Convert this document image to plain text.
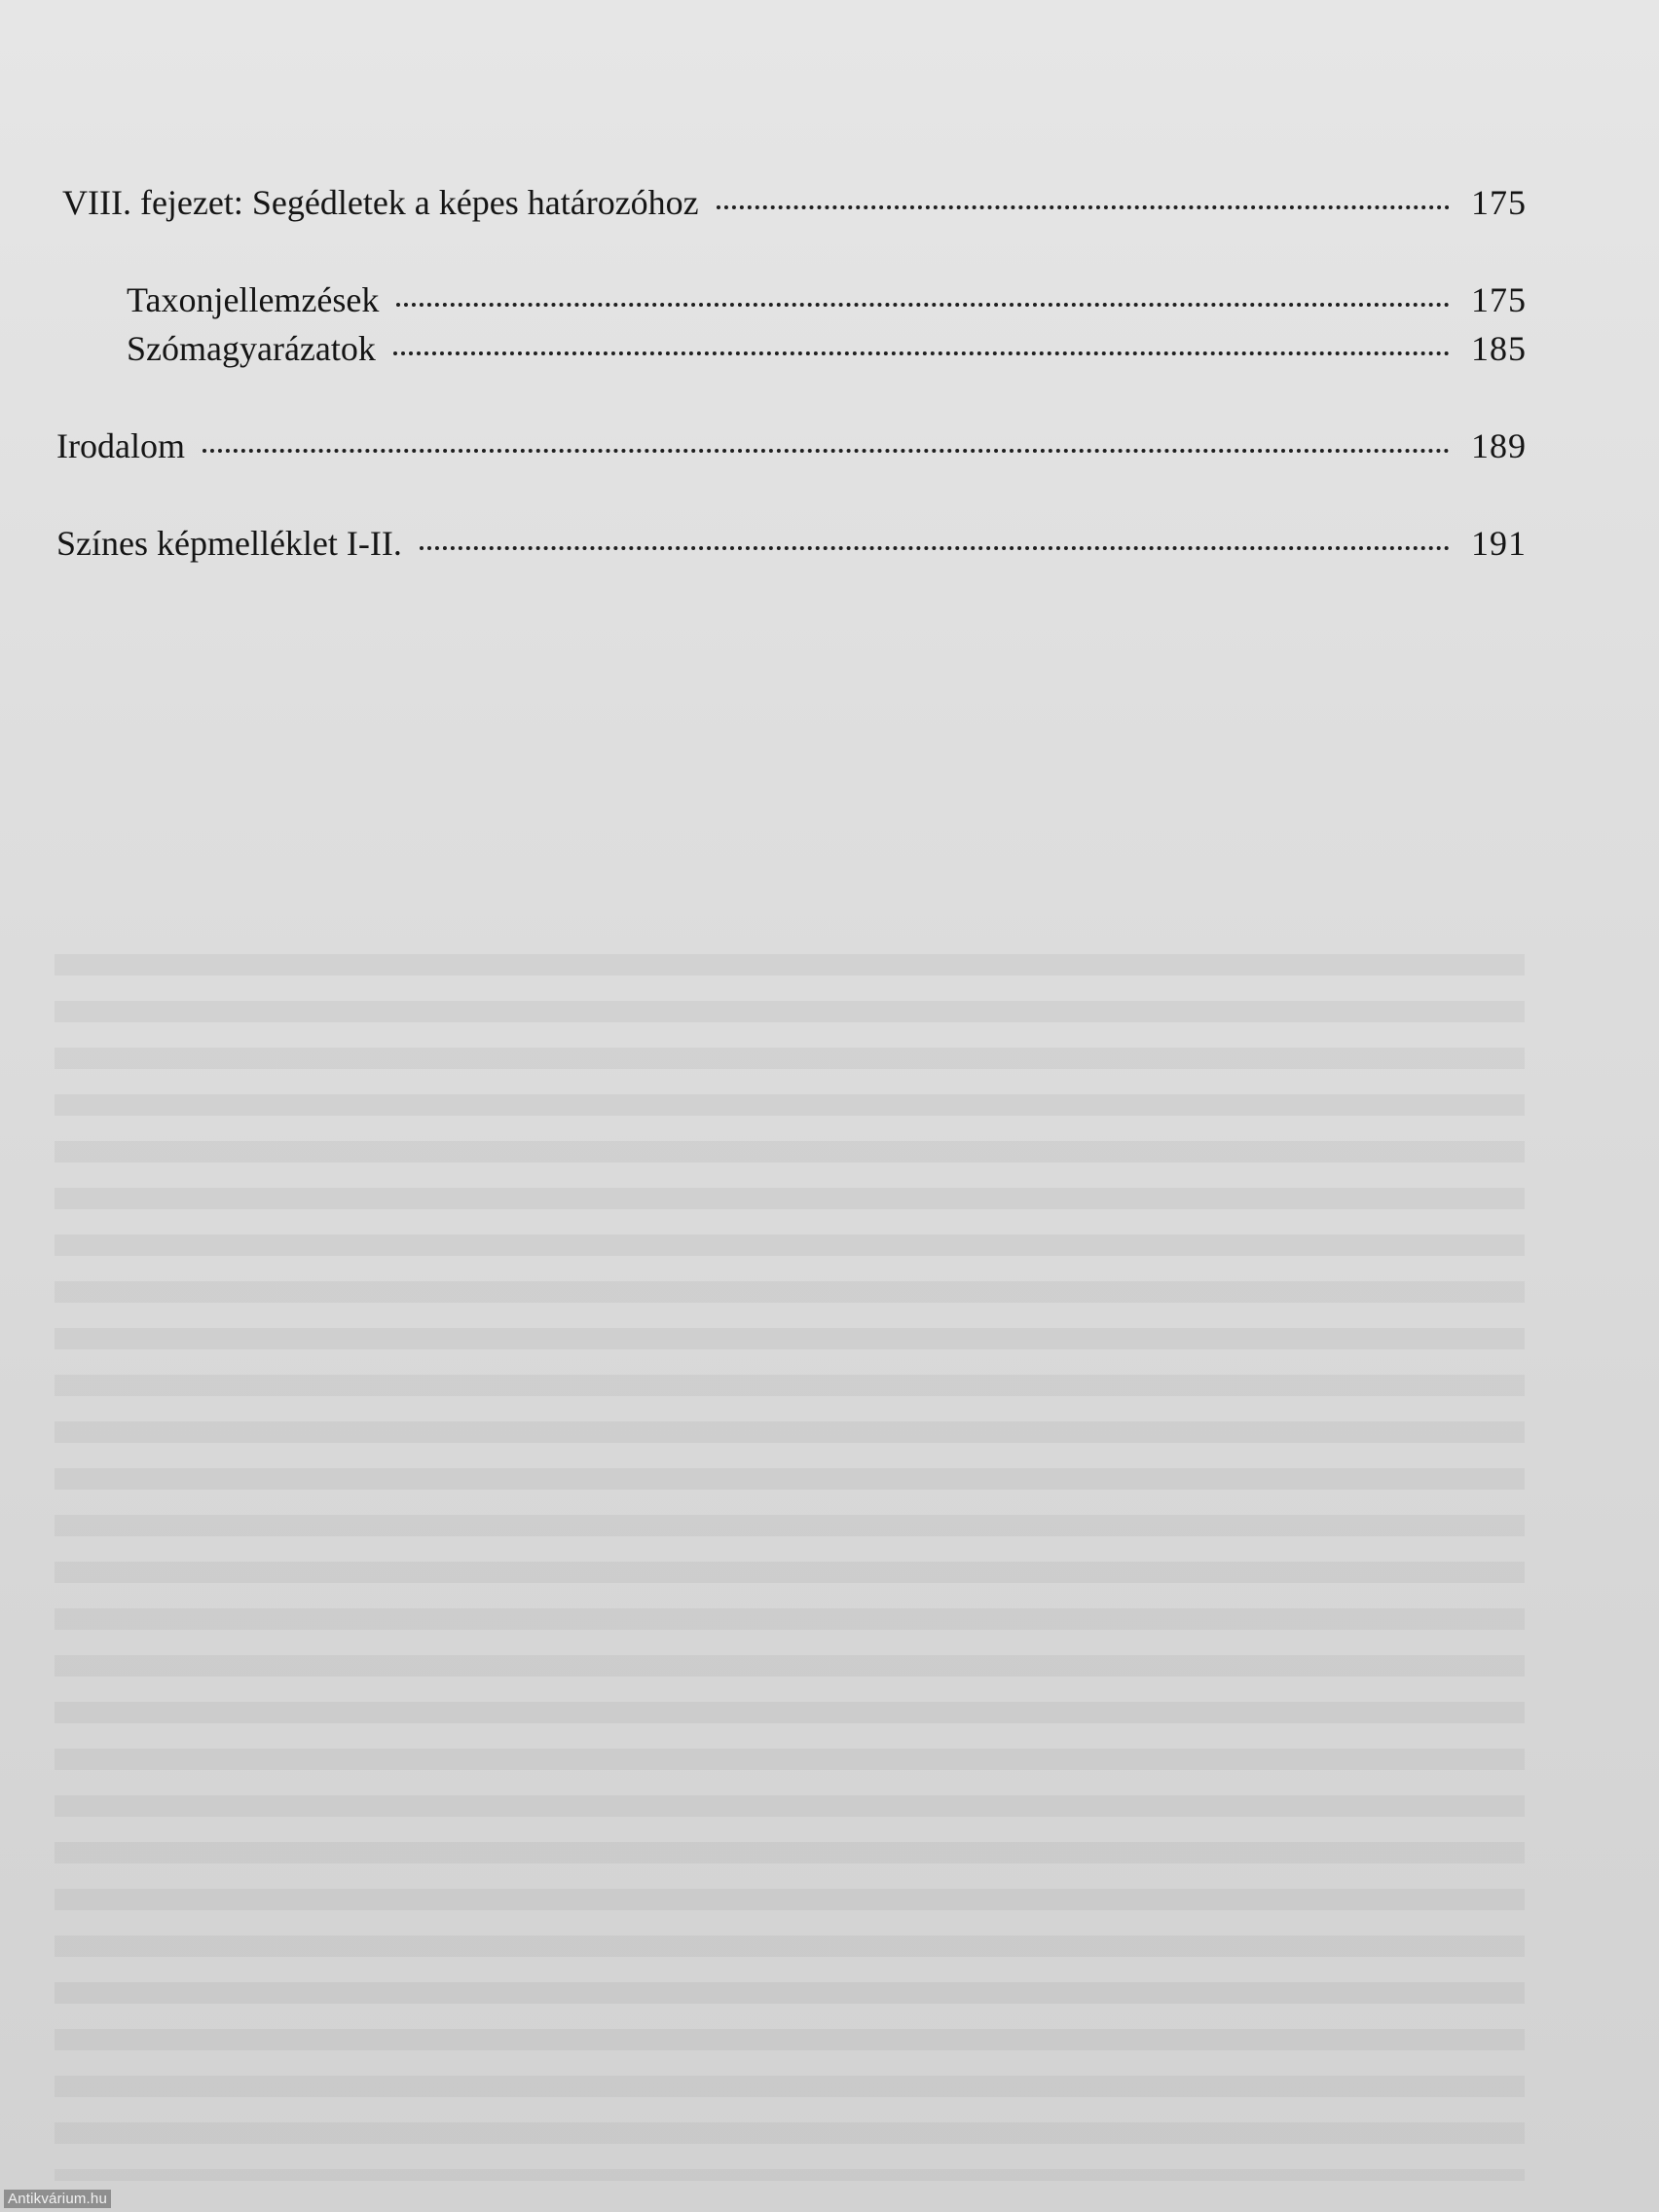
VIII. fejezet: Segédletek a képes határozóhoz	175
Taxonjellemzések	175
Szómagyarázatok	185
Irodalom	189
Színes képmelléklet I-II.	191
Antikvárium.hu
